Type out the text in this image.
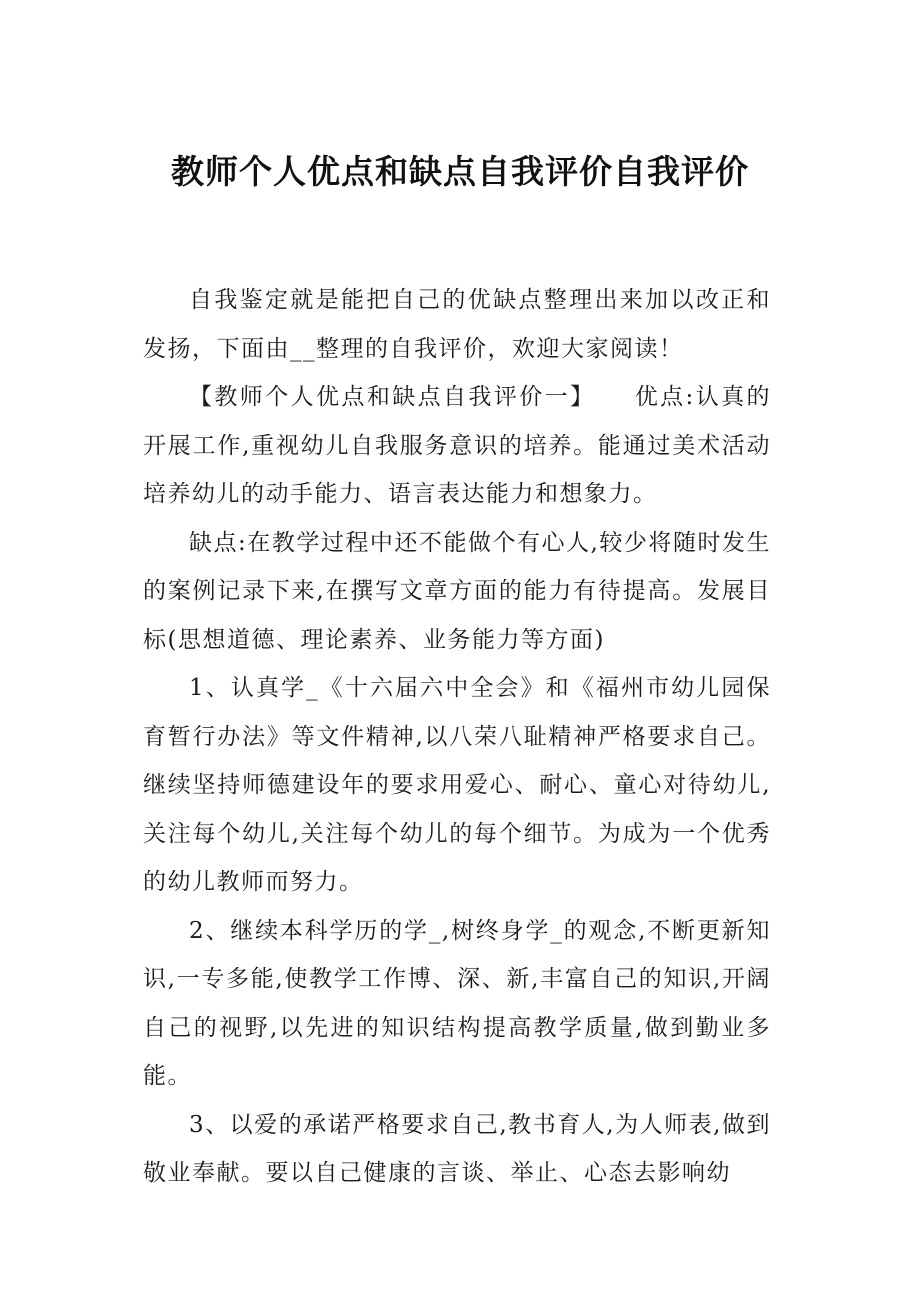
教师个人优点和缺点自我评价自我评价

自我鉴定就是能把自己的优缺点整理出来加以改正和发扬，下面由__整理的自我评价，欢迎大家阅读！

【教师个人优点和缺点自我评价一】　　优点:认真的开展工作,重视幼儿自我服务意识的培养。能通过美术活动培养幼儿的动手能力、语言表达能力和想象力。

缺点:在教学过程中还不能做个有心人,较少将随时发生的案例记录下来,在撰写文章方面的能力有待提高。发展目标(思想道德、理论素养、业务能力等方面)

1、认真学_《十六届六中全会》和《福州市幼儿园保育暂行办法》等文件精神,以八荣八耻精神严格要求自己。继续坚持师德建设年的要求用爱心、耐心、童心对待幼儿,关注每个幼儿,关注每个幼儿的每个细节。为成为一个优秀的幼儿教师而努力。

2、继续本科学历的学_,树终身学_的观念,不断更新知识,一专多能,使教学工作博、深、新,丰富自己的知识,开阔自己的视野,以先进的知识结构提高教学质量,做到勤业多能。

3、以爱的承诺严格要求自己,教书育人,为人师表,做到敬业奉献。要以自己健康的言谈、举止、心态去影响幼
